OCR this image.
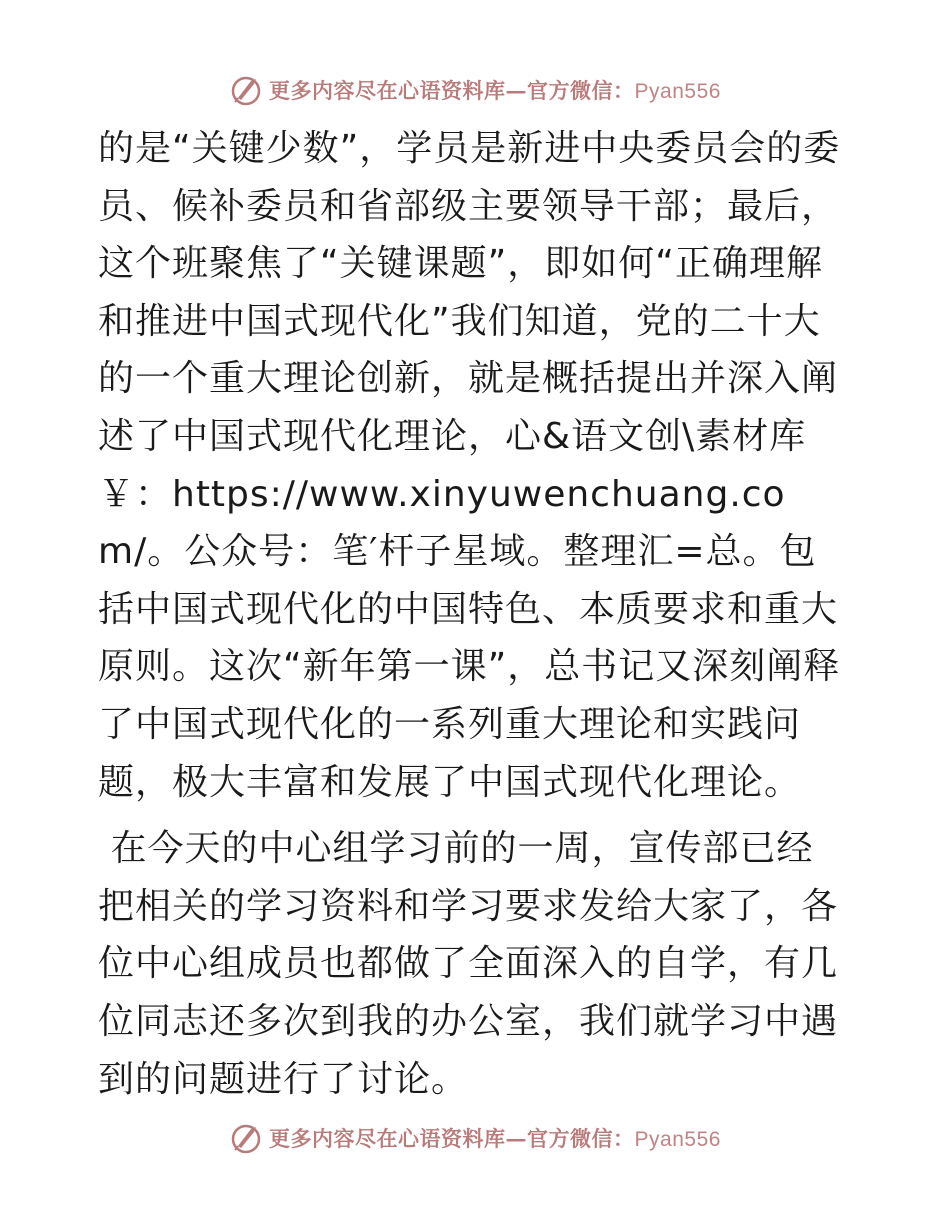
更多内容尽在心语资料库—官方微信：Pyan556

的是“关键少数”，学员是新进中央委员会的委员、候补委员和省部级主要领导干部；最后，这个班聚焦了“关键课题”，即如何“正确理解和推进中国式现代化”我们知道，党的二十大的一个重大理论创新，就是概括提出并深入阐述了中国式现代化理论，心&语文创\素材库￥：https://www.xinyuwenchuang.com/。公众号：笔′杆子星域。整理汇=总。包括中国式现代化的中国特色、本质要求和重大原则。这次“新年第一课”，总书记又深刻阐释了中国式现代化的一系列重大理论和实践问题，极大丰富和发展了中国式现代化理论。

在今天的中心组学习前的一周，宣传部已经把相关的学习资料和学习要求发给大家了，各位中心组成员也都做了全面深入的自学，有几位同志还多次到我的办公室，我们就学习中遇到的问题进行了讨论。

更多内容尽在心语资料库—官方微信：Pyan556
